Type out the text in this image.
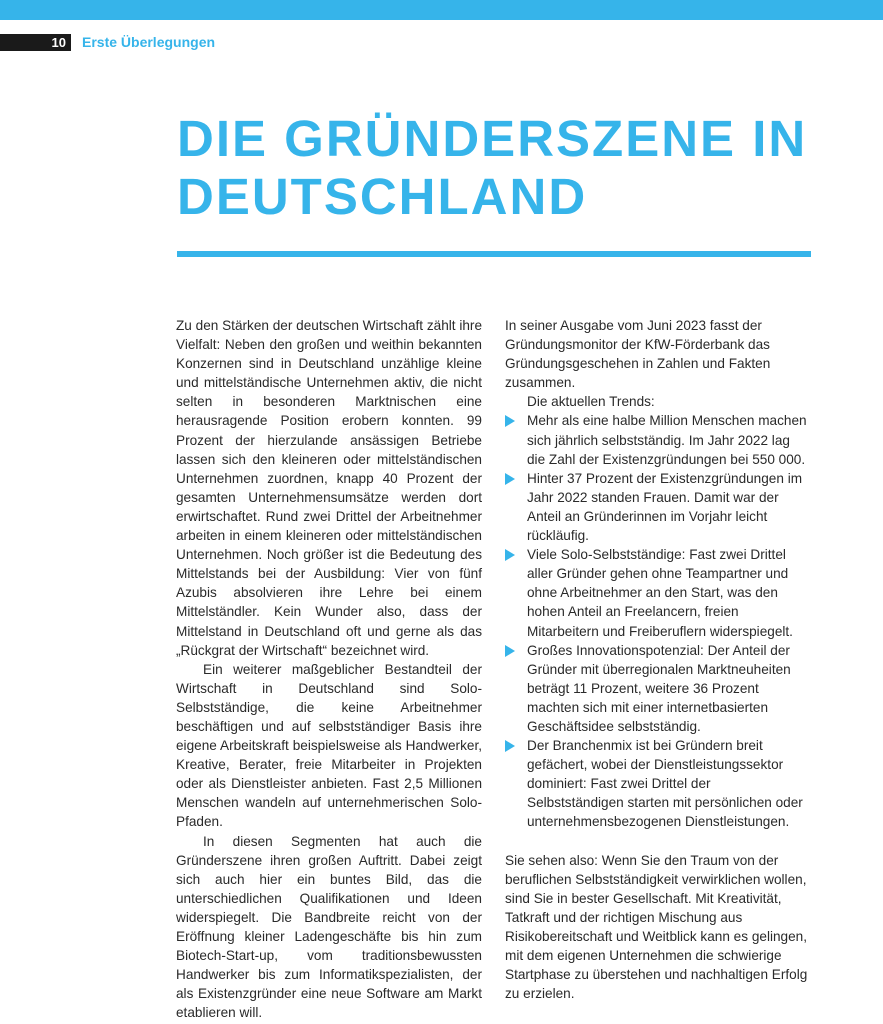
10	Erste Überlegungen
DIE GRÜNDERSZENE IN
DEUTSCHLAND

Zu den Stärken der deutschen Wirtschaft zählt ihre Vielfalt: Neben den großen und weithin bekannten Konzernen sind in Deutschland unzählige kleine und mittelständische Unternehmen aktiv, die nicht selten in besonderen Marktnischen eine herausragende Position erobern konnten. 99 Prozent der hierzulande ansässigen Betriebe lassen sich den kleineren oder mittelständischen Unternehmen zuordnen, knapp 40 Prozent der gesamten Unternehmensumsätze werden dort erwirtschaftet. Rund zwei Drittel der Arbeitnehmer arbeiten in einem kleineren oder mittelständischen Unternehmen. Noch größer ist die Bedeutung des Mittelstands bei der Ausbildung: Vier von fünf Azubis absolvieren ihre Lehre bei einem Mittelständler. Kein Wunder also, dass der Mittelstand in Deutschland oft und gerne als das „Rückgrat der Wirtschaft“ bezeichnet wird.

Ein weiterer maßgeblicher Bestandteil der Wirtschaft in Deutschland sind Solo-Selbstständige, die keine Arbeitnehmer beschäftigen und auf selbstständiger Basis ihre eigene Arbeitskraft beispielsweise als Handwerker, Kreative, Berater, freie Mitarbeiter in Projekten oder als Dienstleister anbieten. Fast 2,5 Millionen Menschen wandeln auf unternehmerischen Solo-Pfaden.

In diesen Segmenten hat auch die Gründerszene ihren großen Auftritt. Dabei zeigt sich auch hier ein buntes Bild, das die unterschiedlichen Qualifikationen und Ideen widerspiegelt. Die Bandbreite reicht von der Eröffnung kleiner Ladengeschäfte bis hin zum Biotech-Start-up, vom traditionsbewussten Handwerker bis zum Informatikspezialisten, der als Existenzgründer eine neue Software am Markt etablieren will.

In seiner Ausgabe vom Juni 2023 fasst der Gründungsmonitor der KfW-Förderbank das Gründungsgeschehen in Zahlen und Fakten zusammen.

Die aktuellen Trends:

Mehr als eine halbe Million Menschen machen sich jährlich selbstständig. Im Jahr 2022 lag die Zahl der Existenzgründungen bei 550 000.
Hinter 37 Prozent der Existenzgründungen im Jahr 2022 standen Frauen. Damit war der Anteil an Gründerinnen im Vorjahr leicht rückläufig.
Viele Solo-Selbstständige: Fast zwei Drittel aller Gründer gehen ohne Teampartner und ohne Arbeitnehmer an den Start, was den hohen Anteil an Freelancern, freien Mitarbeitern und Freiberuflern widerspiegelt.
Großes Innovationspotenzial: Der Anteil der Gründer mit überregionalen Marktneuheiten beträgt 11 Prozent, weitere 36 Prozent machten sich mit einer internetbasierten Geschäftsidee selbstständig.
Der Branchenmix ist bei Gründern breit gefächert, wobei der Dienstleistungssektor dominiert: Fast zwei Drittel der Selbstständigen starten mit persönlichen oder unternehmensbezogenen Dienstleistungen.

Sie sehen also: Wenn Sie den Traum von der beruflichen Selbstständigkeit verwirklichen wollen, sind Sie in bester Gesellschaft. Mit Kreativität, Tatkraft und der richtigen Mischung aus Risikobereitschaft und Weitblick kann es gelingen, mit dem eigenen Unternehmen die schwierige Startphase zu überstehen und nachhaltigen Erfolg zu erzielen.
